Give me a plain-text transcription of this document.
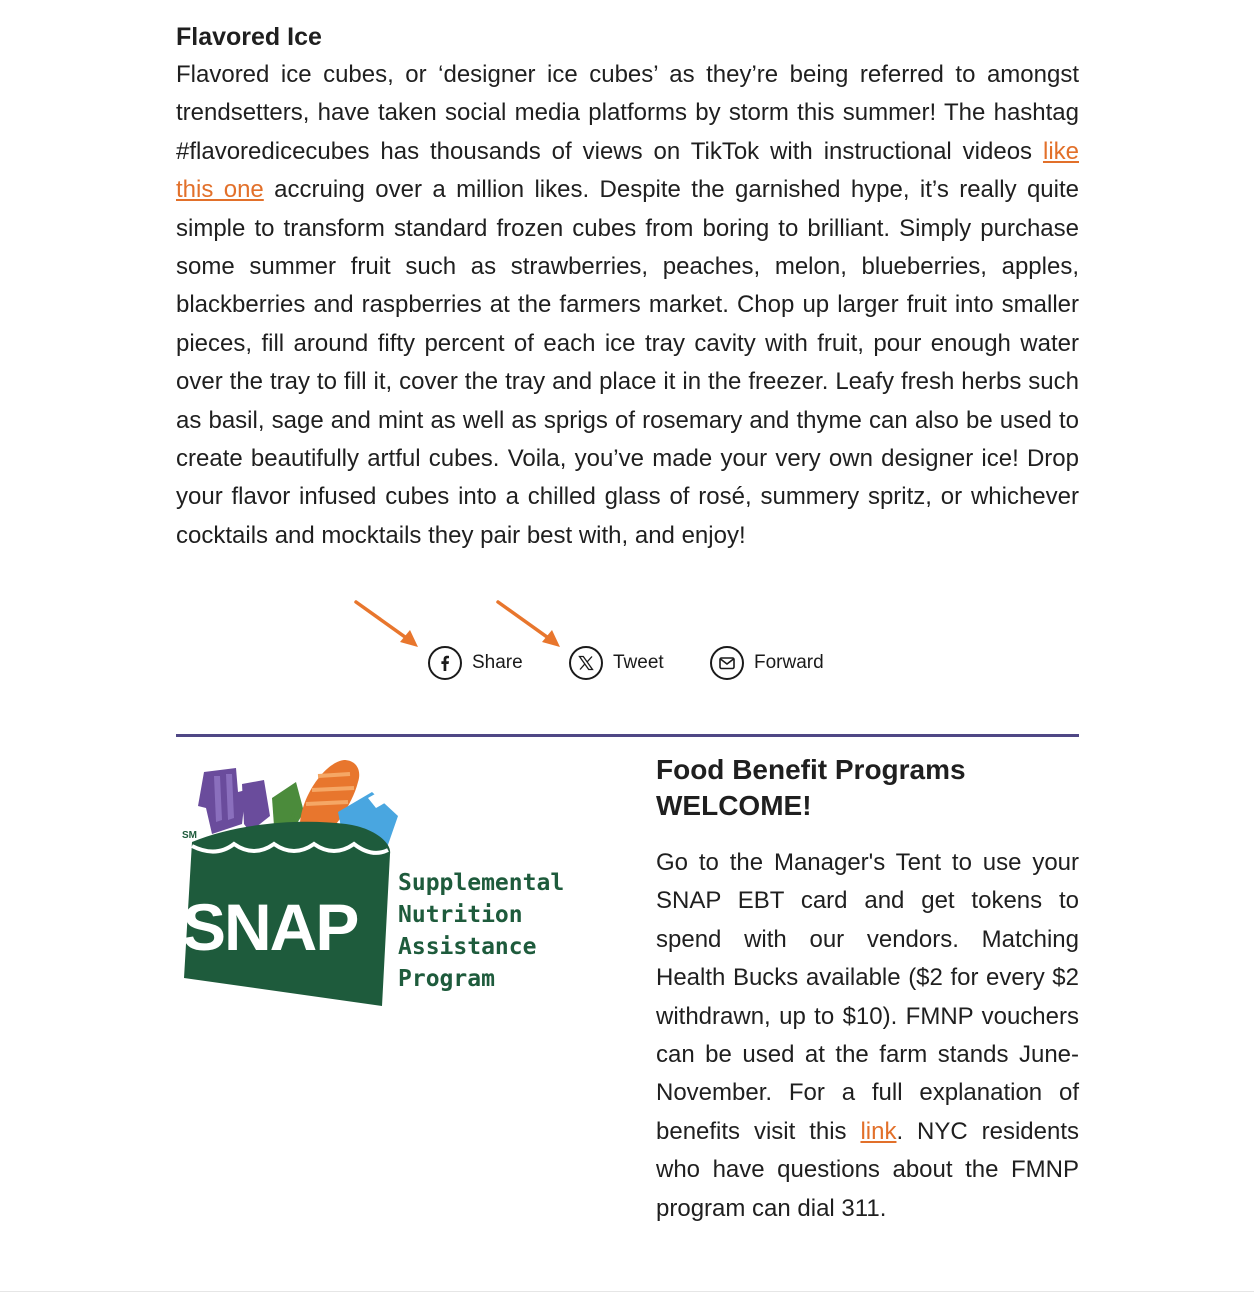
Flavored Ice

Flavored ice cubes, or ‘designer ice cubes’ as they’re being referred to amongst trendsetters, have taken social media platforms by storm this summer! The hashtag #flavoredicecubes has thousands of views on TikTok with instructional videos like this one accruing over a million likes. Despite the garnished hype, it’s really quite simple to transform standard frozen cubes from boring to brilliant. Simply purchase some summer fruit such as strawberries, peaches, melon, blueberries, apples, blackberries and raspberries at the farmers market. Chop up larger fruit into smaller pieces, fill around fifty percent of each ice tray cavity with fruit, pour enough water over the tray to fill it, cover the tray and place it in the freezer. Leafy fresh herbs such as basil, sage and mint as well as sprigs of rosemary and thyme can also be used to create beautifully artful cubes. Voila, you’ve made your very own designer ice! Drop your flavor infused cubes into a chilled glass of rosé, summery spritz, or whichever cocktails and mocktails they pair best with, and enjoy!

Share	Tweet	Forward
SM
SNAP
Supplemental
Nutrition
Assistance
Program
Food Benefit Programs
WELCOME!

Go to the Manager's Tent to use your SNAP EBT card and get tokens to spend with our vendors. Matching Health Bucks available ($2 for every $2 withdrawn, up to $10). FMNP vouchers can be used at the farm stands June-November. For a full explanation of benefits visit this link. NYC residents who have questions about the FMNP program can dial 311.
